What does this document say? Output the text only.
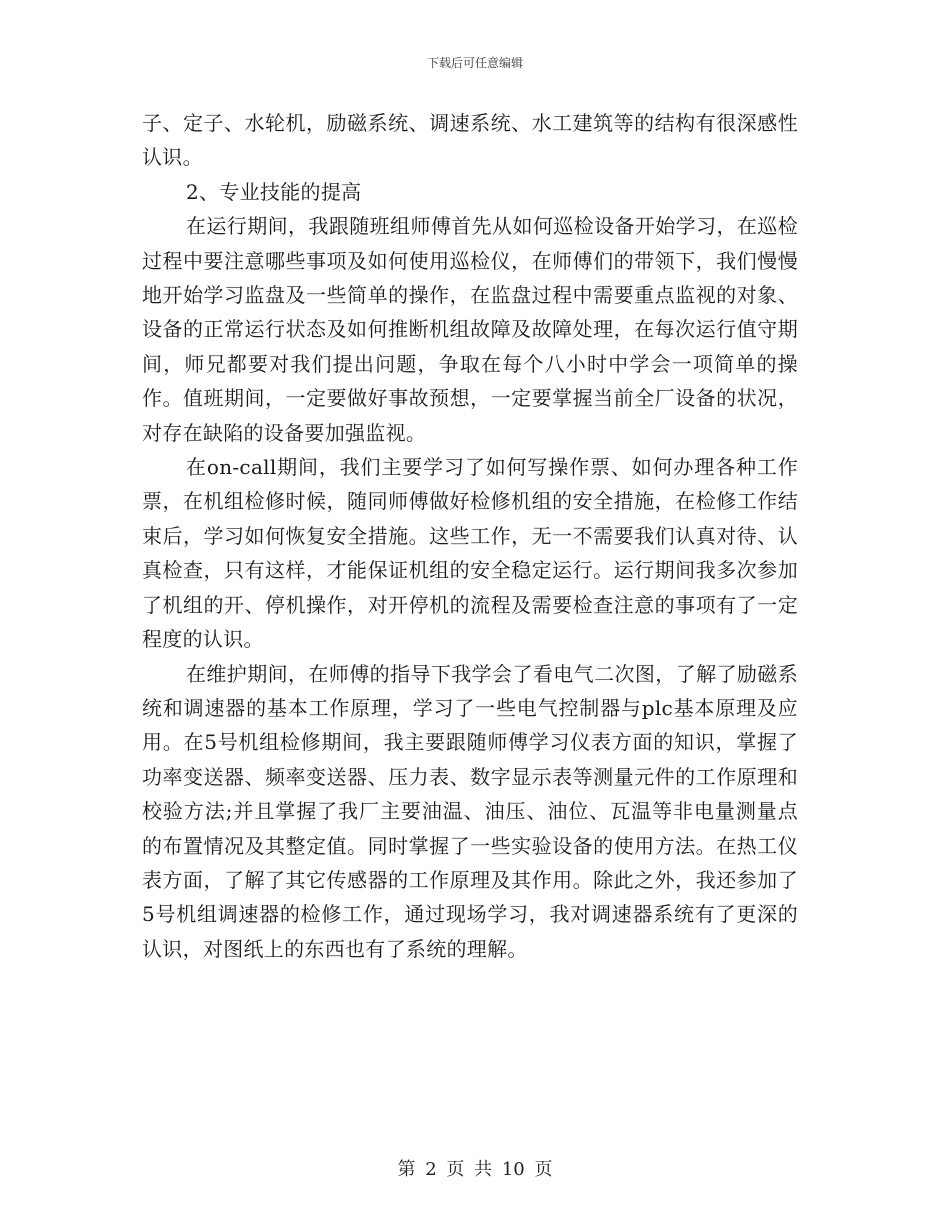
下载后可任意编辑

子、定子、水轮机，励磁系统、调速系统、水工建筑等的结构有很深感性认识。

2、专业技能的提高

在运行期间，我跟随班组师傅首先从如何巡检设备开始学习，在巡检过程中要注意哪些事项及如何使用巡检仪，在师傅们的带领下，我们慢慢地开始学习监盘及一些简单的操作，在监盘过程中需要重点监视的对象、设备的正常运行状态及如何推断机组故障及故障处理，在每次运行值守期间，师兄都要对我们提出问题，争取在每个八小时中学会一项简单的操作。值班期间，一定要做好事故预想，一定要掌握当前全厂设备的状况，对存在缺陷的设备要加强监视。

在on-call期间，我们主要学习了如何写操作票、如何办理各种工作票，在机组检修时候，随同师傅做好检修机组的安全措施，在检修工作结束后，学习如何恢复安全措施。这些工作，无一不需要我们认真对待、认真检查，只有这样，才能保证机组的安全稳定运行。运行期间我多次参加了机组的开、停机操作，对开停机的流程及需要检查注意的事项有了一定程度的认识。

在维护期间，在师傅的指导下我学会了看电气二次图，了解了励磁系统和调速器的基本工作原理，学习了一些电气控制器与plc基本原理及应用。在5号机组检修期间，我主要跟随师傅学习仪表方面的知识，掌握了功率变送器、频率变送器、压力表、数字显示表等测量元件的工作原理和校验方法;并且掌握了我厂主要油温、油压、油位、瓦温等非电量测量点的布置情况及其整定值。同时掌握了一些实验设备的使用方法。在热工仪表方面，了解了其它传感器的工作原理及其作用。除此之外，我还参加了5号机组调速器的检修工作，通过现场学习，我对调速器系统有了更深的认识，对图纸上的东西也有了系统的理解。

第 2 页 共 10 页
